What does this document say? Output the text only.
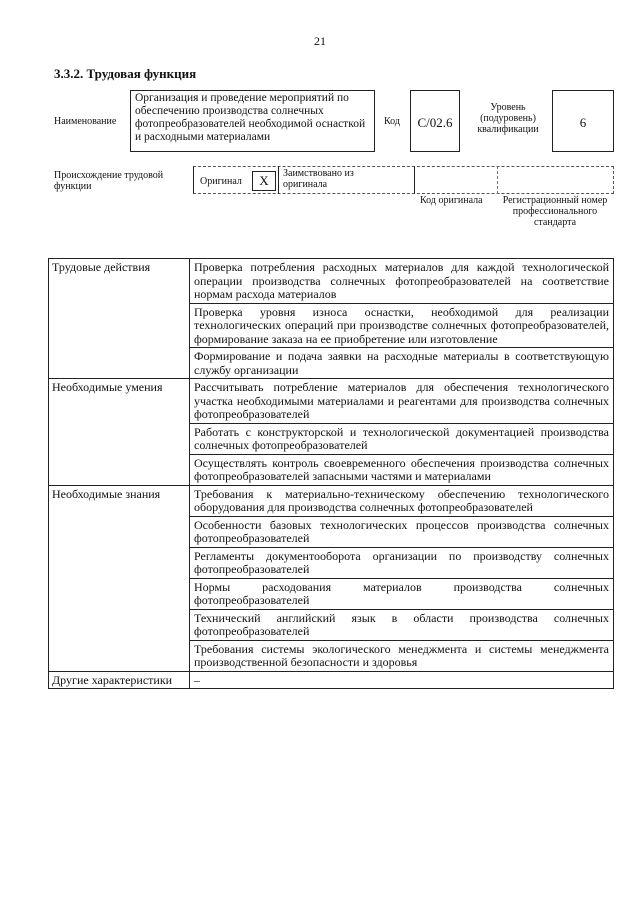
21
3.3.2. Трудовая функция
Наименование
Организация и проведение мероприятий по обеспечению производства солнечных фотопреобразователей необходимой оснасткой и расходными материалами
Код	С/02.6
Уровень (подуровень) квалификации	6
Происхождение трудовой функции	Оригинал	X	Заимствовано из оригинала
Код оригинала Регистрационный номер профессионального стандарта
Трудовые действия	Проверка потребления расходных материалов для каждой технологической операции производства солнечных фотопреобразователей на соответствие нормам расхода материалов
	Проверка уровня износа оснастки, необходимой для реализации технологических операций при производстве солнечных фотопреобразователей, формирование заказа на ее приобретение или изготовление
	Формирование и подача заявки на расходные материалы в соответствующую службу организации
Необходимые умения	Рассчитывать потребление материалов для обеспечения технологического участка необходимыми материалами и реагентами для производства солнечных фотопреобразователей
	Работать с конструкторской и технологической документацией производства солнечных фотопреобразователей
	Осуществлять контроль своевременного обеспечения производства солнечных фотопреобразователей запасными частями и материалами
Необходимые знания	Требования к материально-техническому обеспечению технологического оборудования для производства солнечных фотопреобразователей
	Особенности базовых технологических процессов производства солнечных фотопреобразователей
	Регламенты документооборота организации по производству солнечных фотопреобразователей
	Нормы расходования материалов производства солнечных фотопреобразователей
	Технический английский язык в области производства солнечных фотопреобразователей
	Требования системы экологического менеджмента и системы менеджмента производственной безопасности и здоровья
Другие характеристики	–
